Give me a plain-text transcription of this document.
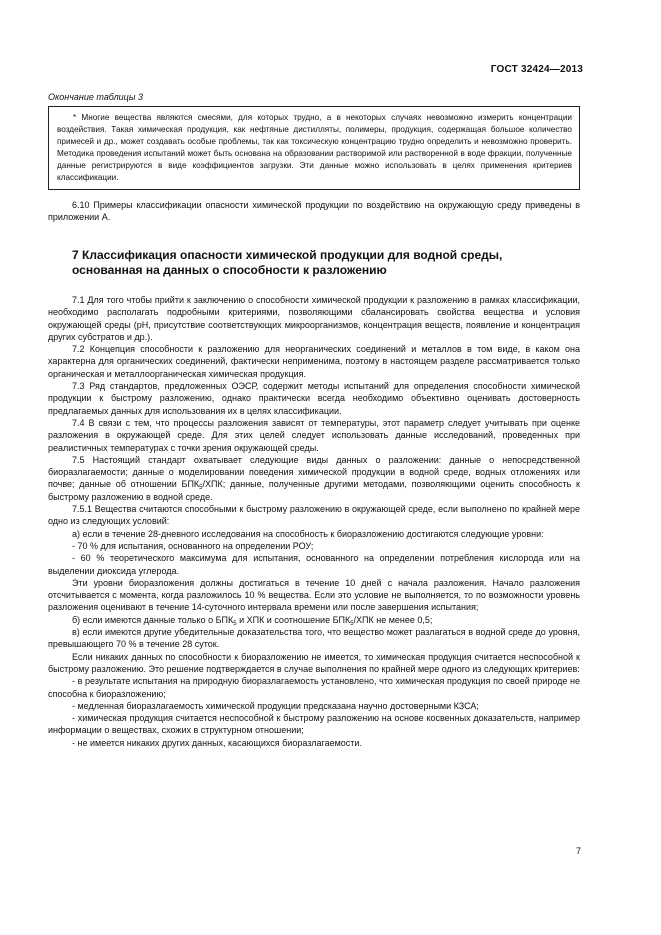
ГОСТ 32424—2013
Окончание таблицы 3

* Многие вещества являются смесями, для которых трудно, а в некоторых случаях невозможно измерить концентрации воздействия. Такая химическая продукция, как нефтяные дистилляты, полимеры, продукция, содержащая большое количество примесей и др., может создавать особые проблемы, так как токсическую концентрацию трудно определить и невозможно проверить. Методика проведения испытаний может быть основана на образовании растворимой или растворенной в воде фракции, полученные данные регистрируются в виде коэффициентов загрузки. Эти данные можно использовать в целях применения критериев классификации.

6.10 Примеры классификации опасности химической продукции по воздействию на окружающую среду приведены в приложении А.

7 Классификация опасности химической продукции для водной среды, основанная на данных о способности к разложению

7.1 Для того чтобы прийти к заключению о способности химической продукции к разложению в рамках классификации, необходимо располагать подробными критериями, позволяющими сбалансировать свойства вещества и условия окружающей среды (рН, присутствие соответствующих микроорганизмов, концентрация веществ, появление и концентрация других субстратов и др.).

7.2 Концепция способности к разложению для неорганических соединений и металлов в том виде, в каком она характерна для органических соединений, фактически неприменима, поэтому в настоящем разделе рассматривается только органическая и металлоорганическая химическая продукция.

7.3 Ряд стандартов, предложенных ОЭСР, содержит методы испытаний для определения способности химической продукции к быстрому разложению, однако практически всегда необходимо объективно оценивать достоверность предлагаемых данных для использования их в целях классификации.

7.4 В связи с тем, что процессы разложения зависят от температуры, этот параметр следует учитывать при оценке разложения в окружающей среде. Для этих целей следует использовать данные исследований, проведенных при реалистичных температурах с точки зрения окружающей среды.

7.5 Настоящий стандарт охватывает следующие виды данных о разложении: данные о непосредственной биоразлагаемости; данные о моделировании поведения химической продукции в водной среде, водных отложениях или почве; данные об отношении $БПК_5$/ХПК; данные, полученные другими методами, позволяющими оценить способность к быстрому разложению в водной среде.

7.5.1 Вещества считаются способными к быстрому разложению в окружающей среде, если выполнено по крайней мере одно из следующих условий:

а) если в течение 28-дневного исследования на способность к биоразложению достигаются следующие уровни:

- 70 % для испытания, основанного на определении РОУ;

- 60 % теоретического максимума для испытания, основанного на определении потребления кислорода или на выделении диоксида углерода.

Эти уровни биоразложения должны достигаться в течение 10 дней с начала разложения. Начало разложения отсчитывается с момента, когда разложилось 10 % вещества. Если это условие не выполняется, то по возможности уровень разложения оценивают в течение 14-суточного интервала времени или после завершения испытания;

б) если имеются данные только о $БПК_5$ и ХПК и соотношение $БПК_5$/ХПК не менее 0,5;

в) если имеются другие убедительные доказательства того, что вещество может разлагаться в водной среде до уровня, превышающего 70 % в течение 28 суток.

Если никаких данных по способности к биоразложению не имеется, то химическая продукция считается неспособной к быстрому разложению. Это решение подтверждается в случае выполнения по крайней мере одного из следующих критериев:

- в результате испытания на природную биоразлагаемость установлено, что химическая продукция по своей природе не способна к биоразложению;

- медленная биоразлагаемость химической продукции предсказана научно достоверными КЗСА;

- химическая продукция считается неспособной к быстрому разложению на основе косвенных доказательств, например информации о веществах, схожих в структурном отношении;

- не имеется никаких других данных, касающихся биоразлагаемости.

7
